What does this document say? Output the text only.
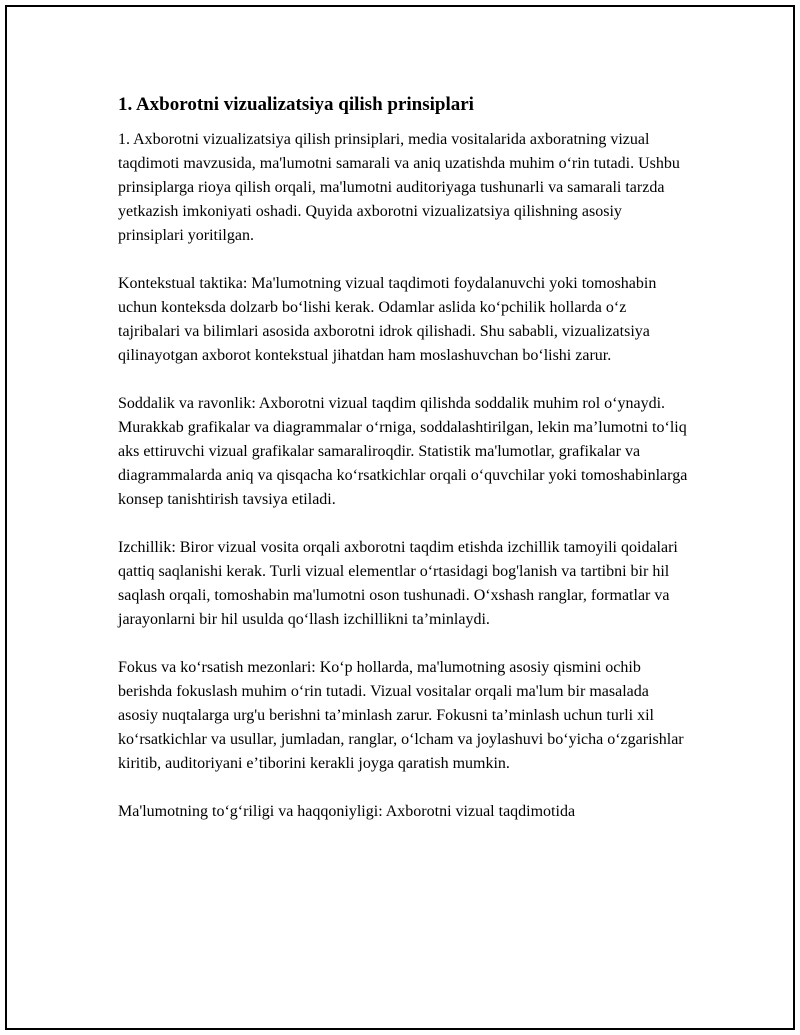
1. Axborotni vizualizatsiya qilish prinsiplari

1. Axborotni vizualizatsiya qilish prinsiplari, media vositalarida axboratning vizual taqdimoti mavzusida, ma'lumotni samarali va aniq uzatishda muhim oʻrin tutadi. Ushbu prinsiplarga rioya qilish orqali, ma'lumotni auditoriyaga tushunarli va samarali tarzda yetkazish imkoniyati oshadi. Quyida axborotni vizualizatsiya qilishning asosiy prinsiplari yoritilgan.

Kontekstual taktika: Ma'lumotning vizual taqdimoti foydalanuvchi yoki tomoshabin uchun konteksda dolzarb boʻlishi kerak. Odamlar aslida koʻpchilik hollarda oʻz tajribalari va bilimlari asosida axborotni idrok qilishadi. Shu sababli, vizualizatsiya qilinayotgan axborot kontekstual jihatdan ham moslashuvchan boʻlishi zarur.

Soddalik va ravonlik: Axborotni vizual taqdim qilishda soddalik muhim rol oʻynaydi. Murakkab grafikalar va diagrammalar oʻrniga, soddalashtirilgan, lekin maʼlumotni toʻliq aks ettiruvchi vizual grafikalar samaraliroqdir. Statistik ma'lumotlar, grafikalar va diagrammalarda aniq va qisqacha koʻrsatkichlar orqali oʻquvchilar yoki tomoshabinlarga konsep tanishtirish tavsiya etiladi.

Izchillik: Biror vizual vosita orqali axborotni taqdim etishda izchillik tamoyili qoidalari qattiq saqlanishi kerak. Turli vizual elementlar oʻrtasidagi bog'lanish va tartibni bir hil saqlash orqali, tomoshabin ma'lumotni oson tushunadi. Oʻxshash ranglar, formatlar va jarayonlarni bir hil usulda qoʻllash izchillikni taʼminlaydi.

Fokus va koʻrsatish mezonlari: Koʻp hollarda, ma'lumotning asosiy qismini ochib berishda fokuslash muhim oʻrin tutadi. Vizual vositalar orqali ma'lum bir masalada asosiy nuqtalarga urg'u berishni taʼminlash zarur. Fokusni taʼminlash uchun turli xil koʻrsatkichlar va usullar, jumladan, ranglar, oʻlcham va joylashuvi boʻyicha oʻzgarishlar kiritib, auditoriyani eʼtiborini kerakli joyga qaratish mumkin.

Ma'lumotning toʻgʻriligi va haqqoniyligi: Axborotni vizual taqdimotida
